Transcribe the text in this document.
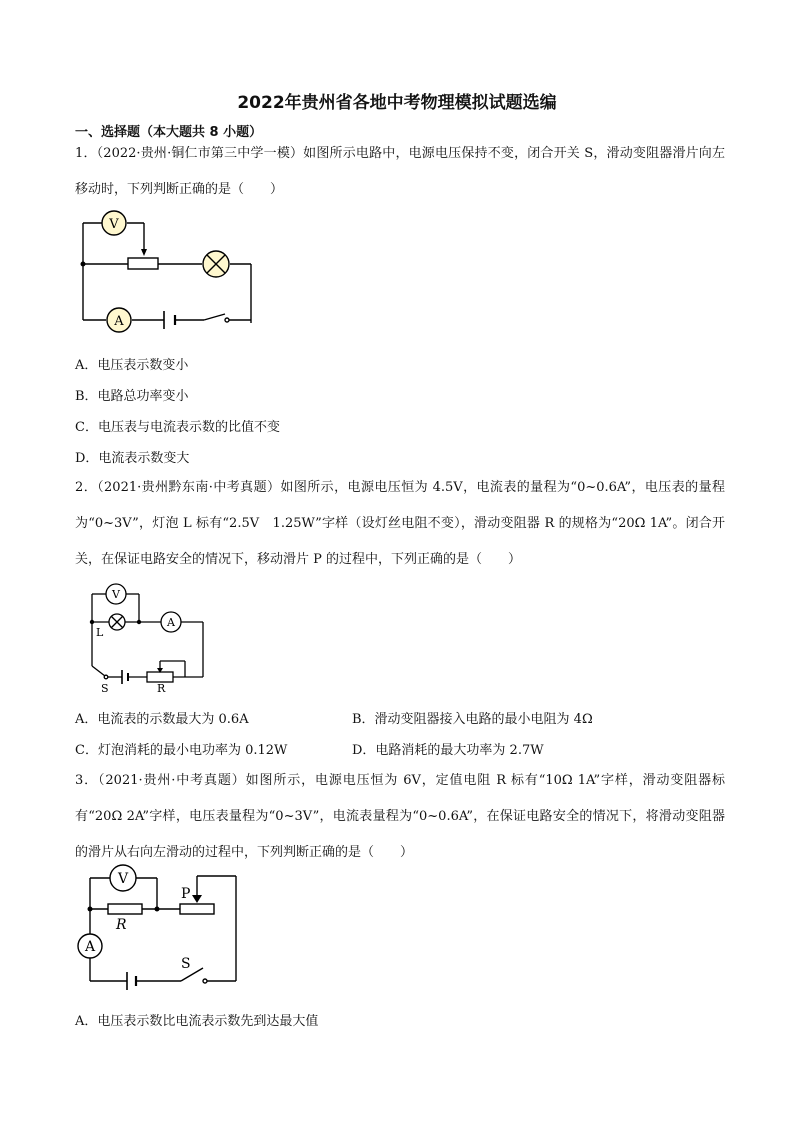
2022年贵州省各地中考物理模拟试题选编
一、选择题（本大题共 8 小题）
1．（2022·贵州·铜仁市第三中学一模）如图所示电路中，电源电压保持不变，闭合开关 S，滑动变阻器滑片向左移动时，下列判断正确的是（　　）
V
A
A．电压表示数变小
B．电路总功率变小
C．电压表与电流表示数的比值不变
D．电流表示数变大
2．（2021·贵州黔东南·中考真题）如图所示，电源电压恒为 4.5V，电流表的量程为“0~0.6A”，电压表的量程为“0~3V”，灯泡 L 标有“2.5V　1.25W”字样（设灯丝电阻不变），滑动变阻器 R 的规格为“20Ω 1A”。闭合开关，在保证电路安全的情况下，移动滑片 P 的过程中，下列正确的是（　　）
V
A
L
S	R
A．电流表的示数最大为 0.6A	B．滑动变阻器接入电路的最小电阻为 4Ω
C．灯泡消耗的最小电功率为 0.12W	D．电路消耗的最大功率为 2.7W
3．（2021·贵州·中考真题）如图所示，电源电压恒为 6V，定值电阻 R 标有“10Ω 1A”字样，滑动变阻器标有“20Ω 2A”字样，电压表量程为“0~3V”，电流表量程为“0~0.6A”，在保证电路安全的情况下，将滑动变阻器的滑片从右向左滑动的过程中，下列判断正确的是（　　）
V
A
R
P
S
A．电压表示数比电流表示数先到达最大值
